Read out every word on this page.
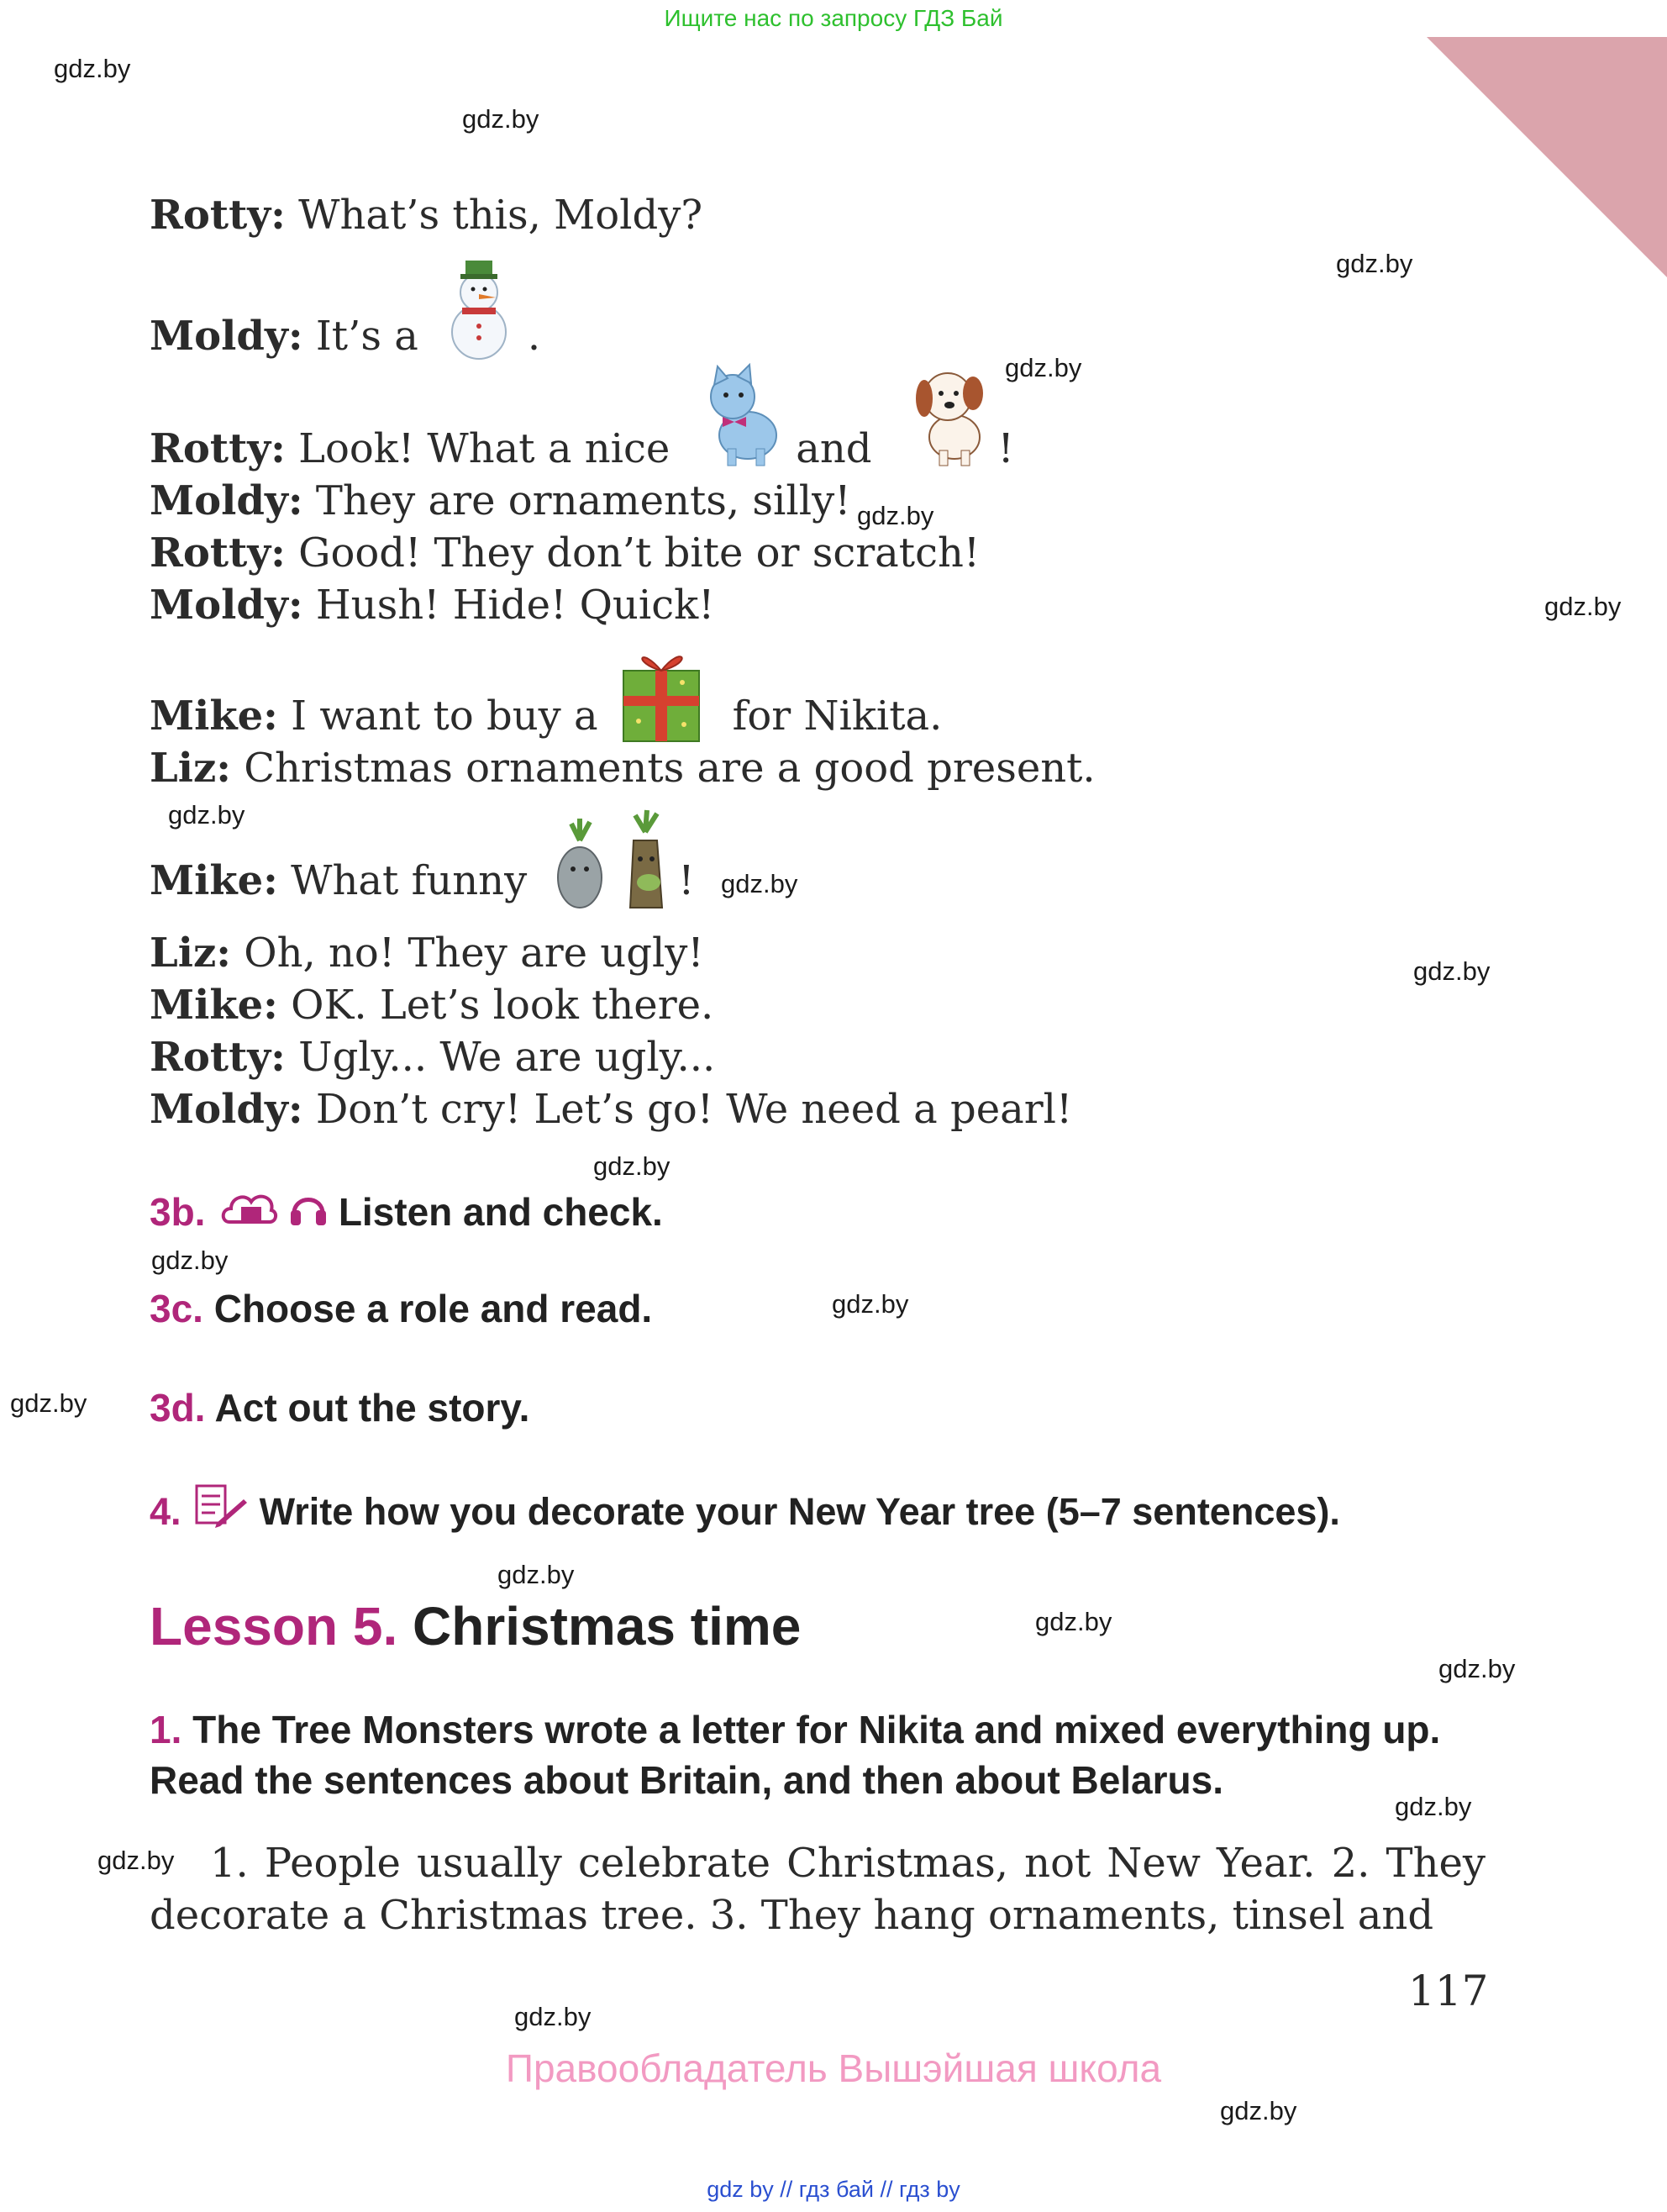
Ищите нас по запросу ГДЗ Бай
gdz.by
gdz.by
gdz.by
gdz.by
gdz.by
gdz.by
gdz.by
gdz.by
gdz.by
gdz.by
gdz.by
gdz.by
gdz.by
gdz.by
gdz.by
gdz.by
gdz.by
gdz.by
gdz.by
gdz.by
Rotty: What’s this, Moldy?
Moldy: It’s a	.
Rotty: Look! What a nice	and	!
Moldy: They are ornaments, silly!
Rotty: Good! They don’t bite or scratch!
Moldy: Hush! Hide! Quick!
Mike: I want to buy a	for Nikita.
Liz: Christmas ornaments are a good present.
Mike: What funny	!
Liz: Oh, no! They are ugly!
Mike: OK. Let’s look there.
Rotty: Ugly... We are ugly...
Moldy: Don’t cry! Let’s go! We need a pearl!
3b.	Listen and check.
3c. Choose a role and read.
3d. Act out the story.
4. Write how you decorate your New Year tree (5–7 sentences).
Lesson 5. Christmas time
1. The Tree Monsters wrote a letter for Nikita and mixed everything up. Read the sentences about Britain, and then about Belarus.
1. People usually celebrate Christmas, not New Year. 2. They decorate a Christmas tree. 3. They hang ornaments, tinsel and
117
Правообладатель Вышэйшая школа
gdz by // гдз бай // гдз by
